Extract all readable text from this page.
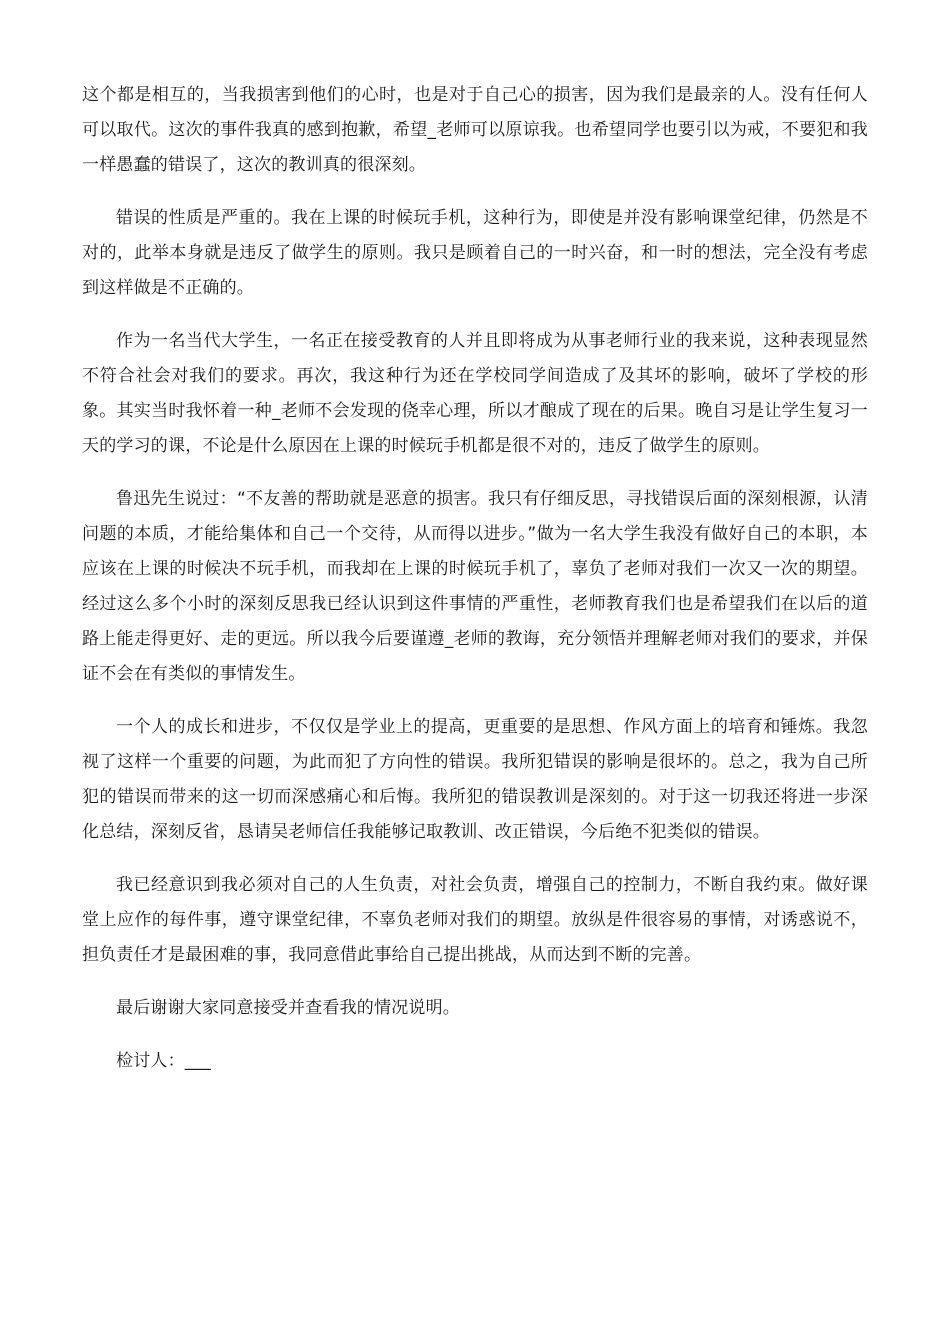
这个都是相互的，当我损害到他们的心时，也是对于自己心的损害，因为我们是最亲的人。没有任何人可以取代。这次的事件我真的感到抱歉，希望_老师可以原谅我。也希望同学也要引以为戒，不要犯和我一样愚蠢的错误了，这次的教训真的很深刻。

错误的性质是严重的。我在上课的时候玩手机，这种行为，即使是并没有影响课堂纪律，仍然是不对的，此举本身就是违反了做学生的原则。我只是顾着自己的一时兴奋，和一时的想法，完全没有考虑到这样做是不正确的。

作为一名当代大学生，一名正在接受教育的人并且即将成为从事老师行业的我来说，这种表现显然不符合社会对我们的要求。再次，我这种行为还在学校同学间造成了及其坏的影响，破坏了学校的形象。其实当时我怀着一种_老师不会发现的侥幸心理，所以才酿成了现在的后果。晚自习是让学生复习一天的学习的课，不论是什么原因在上课的时候玩手机都是很不对的，违反了做学生的原则。

鲁迅先生说过：“不友善的帮助就是恶意的损害。我只有仔细反思，寻找错误后面的深刻根源，认清问题的本质，才能给集体和自己一个交待，从而得以进步。”做为一名大学生我没有做好自己的本职，本应该在上课的时候决不玩手机，而我却在上课的时候玩手机了，辜负了老师对我们一次又一次的期望。经过这么多个小时的深刻反思我已经认识到这件事情的严重性，老师教育我们也是希望我们在以后的道路上能走得更好、走的更远。所以我今后要谨遵_老师的教诲，充分领悟并理解老师对我们的要求，并保证不会在有类似的事情发生。

一个人的成长和进步，不仅仅是学业上的提高，更重要的是思想、作风方面上的培育和锤炼。我忽视了这样一个重要的问题，为此而犯了方向性的错误。我所犯错误的影响是很坏的。总之，我为自己所犯的错误而带来的这一切而深感痛心和后悔。我所犯的错误教训是深刻的。对于这一切我还将进一步深化总结，深刻反省，恳请吴老师信任我能够记取教训、改正错误，今后绝不犯类似的错误。

我已经意识到我必须对自己的人生负责，对社会负责，增强自己的控制力，不断自我约束。做好课堂上应作的每件事，遵守课堂纪律，不辜负老师对我们的期望。放纵是件很容易的事情，对诱惑说不，担负责任才是最困难的事，我同意借此事给自己提出挑战，从而达到不断的完善。

最后谢谢大家同意接受并查看我的情况说明。

检讨人：___
